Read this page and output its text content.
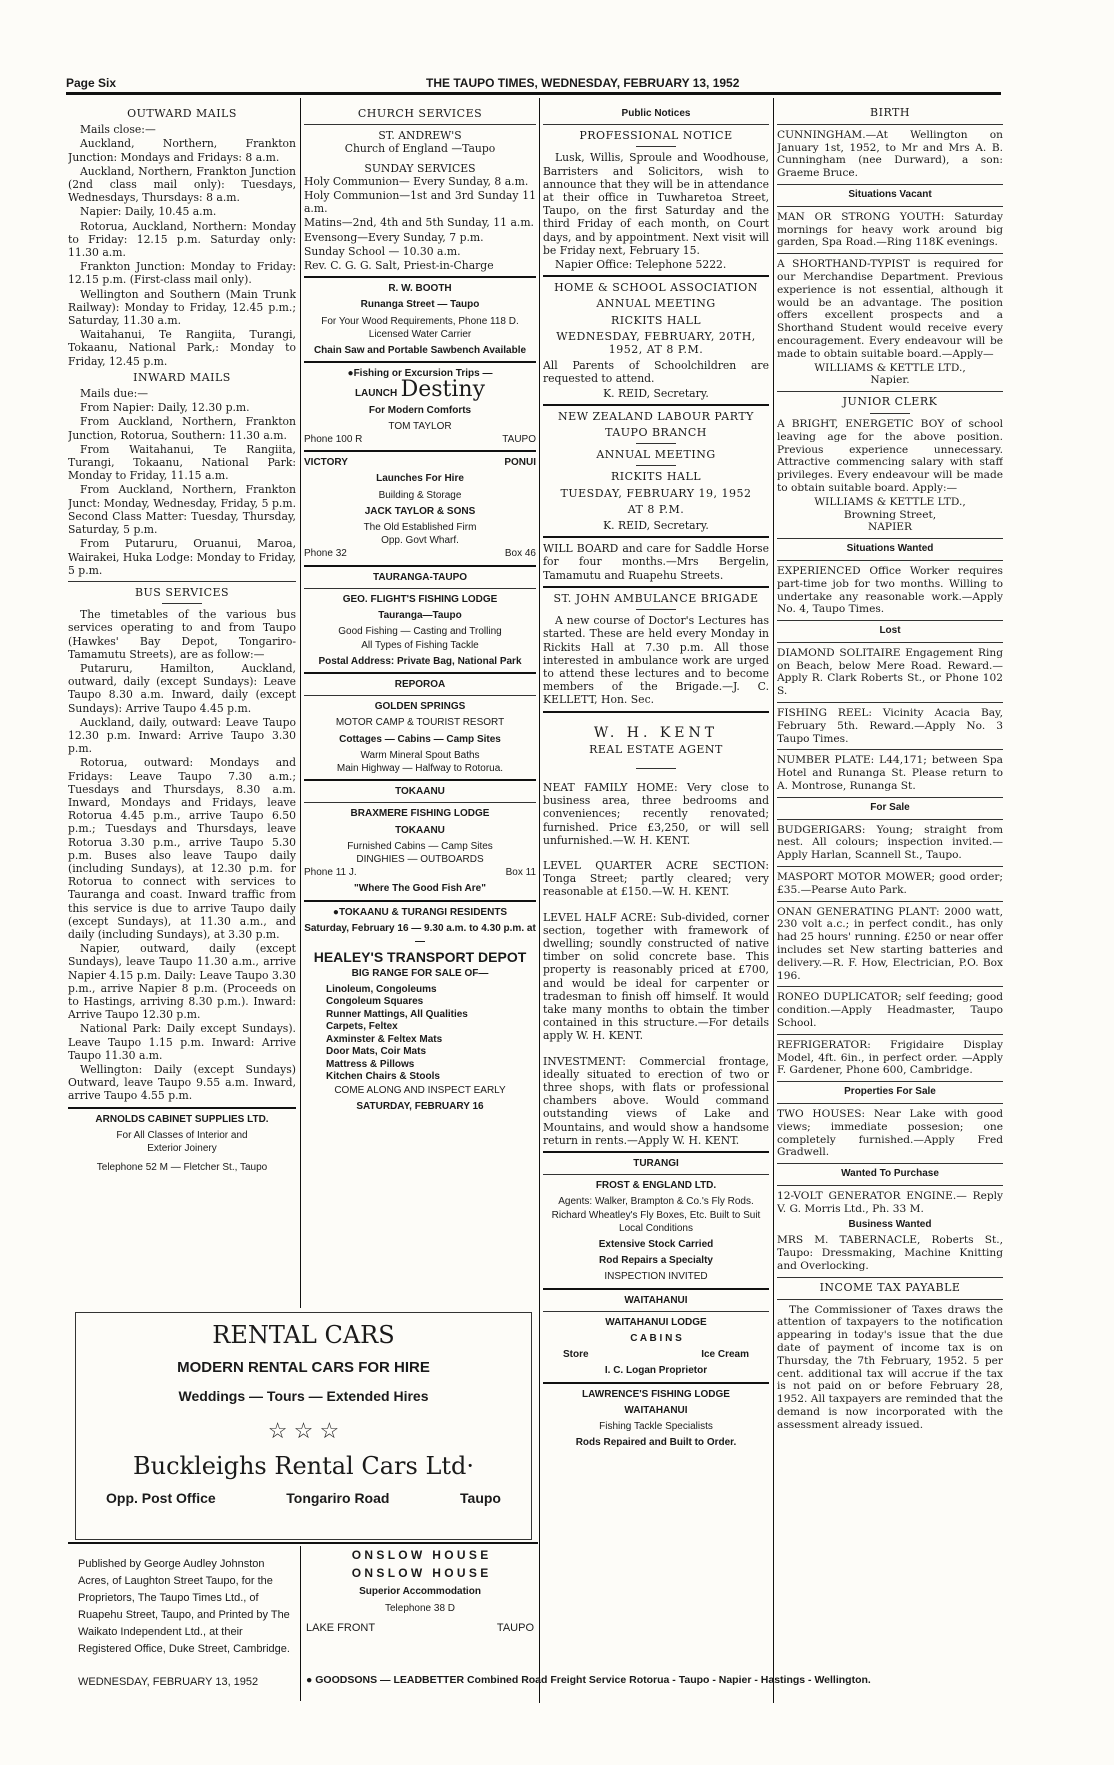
Page Six	THE TAUPO TIMES, WEDNESDAY, FEBRUARY 13, 1952
OUTWARD MAILS

Mails close:—

Auckland, Northern, Frankton Junction: Mondays and Fridays: 8 a.m.

Auckland, Northern, Frankton Junction (2nd class mail only): Tuesdays, Wednesdays, Thursdays: 8 a.m.

Napier: Daily, 10.45 a.m.

Rotorua, Auckland, Northern: Monday to Friday: 12.15 p.m. Saturday only: 11.30 a.m.

Frankton Junction: Monday to Friday: 12.15 p.m. (First-class mail only).

Wellington and Southern (Main Trunk Railway): Monday to Friday, 12.45 p.m.; Saturday, 11.30 a.m.

Waitahanui, Te Rangiita, Turangi, Tokaanu, National Park,: Monday to Friday, 12.45 p.m.

INWARD MAILS

Mails due:—

From Napier: Daily, 12.30 p.m.

From Auckland, Northern, Frankton Junction, Rotorua, Southern: 11.30 a.m.

From Waitahanui, Te Rangiita, Turangi, Tokaanu, National Park: Monday to Friday, 11.15 a.m.

From Auckland, Northern, Frankton Junct: Monday, Wednesday, Friday, 5 p.m. Second Class Matter: Tuesday, Thursday, Saturday, 5 p.m.

From Putaruru, Oruanui, Maroa, Wairakei, Huka Lodge: Monday to Friday, 5 p.m.

BUS SERVICES

The timetables of the various bus services operating to and from Taupo (Hawkes' Bay Depot, Tongariro-Tamamutu Streets), are as follow:—

Putaruru, Hamilton, Auckland, outward, daily (except Sundays): Leave Taupo 8.30 a.m. Inward, daily (except Sundays): Arrive Taupo 4.45 p.m.

Auckland, daily, outward: Leave Taupo 12.30 p.m. Inward: Arrive Taupo 3.30 p.m.

Rotorua, outward: Mondays and Fridays: Leave Taupo 7.30 a.m.; Tuesdays and Thursdays, 8.30 a.m. Inward, Mondays and Fridays, leave Rotorua 4.45 p.m., arrive Taupo 6.50 p.m.; Tuesdays and Thursdays, leave Rotorua 3.30 p.m., arrive Taupo 5.30 p.m. Buses also leave Taupo daily (including Sundays), at 12.30 p.m. for Rotorua to connect with services to Tauranga and coast. Inward traffic from this service is due to arrive Taupo daily (except Sundays), at 11.30 a.m., and daily (including Sundays), at 3.30 p.m.

Napier, outward, daily (except Sundays), leave Taupo 11.30 a.m., arrive Napier 4.15 p.m. Daily: Leave Taupo 3.30 p.m., arrive Napier 8 p.m. (Proceeds on to Hastings, arriving 8.30 p.m.). Inward: Arrive Taupo 12.30 p.m.

National Park: Daily except Sundays). Leave Taupo 1.15 p.m. Inward: Arrive Taupo 11.30 a.m.

Wellington: Daily (except Sundays) Outward, leave Taupo 9.55 a.m. Inward, arrive Taupo 4.55 p.m.

ARNOLDS CABINET SUPPLIES LTD.
For All Classes of Interior and
Exterior Joinery
Telephone 52 M — Fletcher St., Taupo
CHURCH SERVICES
ST. ANDREW'S
Church of England —Taupo
SUNDAY SERVICES

Holy Communion— Every Sunday, 8 a.m.

Holy Communion—1st and 3rd Sunday 11 a.m.

Matins—2nd, 4th and 5th Sunday, 11 a.m.

Evensong—Every Sunday, 7 p.m.

Sunday School — 10.30 a.m.

Rev. C. G. G. Salt, Priest-in-Charge

R. W. BOOTH
Runanga Street — Taupo
For Your Wood Requirements, Phone 118 D. Licensed Water Carrier
Chain Saw and Portable Sawbench Available
● Fishing or Excursion Trips —
LAUNCH Destiny
For Modern Comforts
TOM TAYLOR
Phone 100 R	TAUPO
VICTORY	PONUI
Launches For Hire
Building & Storage
JACK TAYLOR & SONS
The Old Established Firm
Opp. Govt Wharf.
Phone 32	Box 46
TAURANGA-TAUPO
GEO. FLIGHT'S FISHING LODGE
Tauranga—Taupo
Good Fishing — Casting and Trolling
All Types of Fishing Tackle
Postal Address: Private Bag, National Park
REPOROA
GOLDEN SPRINGS
MOTOR CAMP & TOURIST RESORT
Cottages — Cabins — Camp Sites
Warm Mineral Spout Baths
Main Highway — Halfway to Rotorua.
TOKAANU
BRAXMERE FISHING LODGE
TOKAANU
Furnished Cabins — Camp Sites
DINGHIES — OUTBOARDS
Phone 11 J.	Box 11
"Where The Good Fish Are"
● TOKAANU & TURANGI RESIDENTS
Saturday, February 16 — 9.30 a.m. to 4.30 p.m. at—
HEALEY'S TRANSPORT DEPOT
BIG RANGE FOR SALE OF—
Linoleum, Congoleums
Congoleum Squares
Runner Mattings, All Qualities
Carpets, Feltex
Axminster & Feltex Mats
Door Mats, Coir Mats
Mattress & Pillows
Kitchen Chairs & Stools
COME ALONG AND INSPECT EARLY
SATURDAY, FEBRUARY 16
Public Notices
PROFESSIONAL NOTICE

Lusk, Willis, Sproule and Woodhouse, Barristers and Solicitors, wish to announce that they will be in attendance at their office in Tuwharetoa Street, Taupo, on the first Saturday and the third Friday of each month, on Court days, and by appointment. Next visit will be Friday next, February 15.

Napier Office: Telephone 5222.

HOME & SCHOOL ASSOCIATION
ANNUAL MEETING
RICKITS HALL
WEDNESDAY, FEBRUARY, 20TH, 1952, AT 8 P.M.

All Parents of Schoolchildren are requested to attend.

K. REID, Secretary.
NEW ZEALAND LABOUR PARTY
TAUPO BRANCH
ANNUAL MEETING
RICKITS HALL
TUESDAY, FEBRUARY 19, 1952
AT 8 P.M.
K. REID, Secretary.

WILL BOARD and care for Saddle Horse for four months.—Mrs Bergelin, Tamamutu and Ruapehu Streets.

ST. JOHN AMBULANCE BRIGADE

A new course of Doctor's Lectures has started. These are held every Monday in Rickits Hall at 7.30 p.m. All those interested in ambulance work are urged to attend these lectures and to become members of the Brigade.—J. C. KELLETT, Hon. Sec.

W. H. KENT
REAL ESTATE AGENT

NEAT FAMILY HOME: Very close to business area, three bedrooms and conveniences; recently renovated; furnished. Price £3,250, or will sell unfurnished.—W. H. KENT.

LEVEL QUARTER ACRE SECTION: Tonga Street; partly cleared; very reasonable at £150.—W. H. KENT.

LEVEL HALF ACRE: Sub-divided, corner section, together with framework of dwelling; soundly constructed of native timber on solid concrete base. This property is reasonably priced at £700, and would be ideal for carpenter or tradesman to finish off himself. It would take many months to obtain the timber contained in this structure.—For details apply W. H. KENT.

INVESTMENT: Commercial frontage, ideally situated to erection of two or three shops, with flats or professional chambers above. Would command outstanding views of Lake and Mountains, and would show a handsome return in rents.—Apply W. H. KENT.

TURANGI
FROST & ENGLAND LTD.
Agents: Walker, Brampton & Co.'s Fly Rods. Richard Wheatley's Fly Boxes, Etc. Built to Suit Local Conditions
Extensive Stock Carried
Rod Repairs a Specialty
INSPECTION INVITED
WAITAHANUI
WAITAHANUI LODGE
C A B I N S
Store	Ice Cream
I. C. Logan Proprietor
LAWRENCE'S FISHING LODGE
WAITAHANUI
Fishing Tackle Specialists
Rods Repaired and Built to Order.
BIRTH

CUNNINGHAM.—At Wellington on January 1st, 1952, to Mr and Mrs A. B. Cunningham (nee Durward), a son: Graeme Bruce.

Situations Vacant

MAN OR STRONG YOUTH: Saturday mornings for heavy work around big garden, Spa Road.—Ring 118K evenings.

A SHORTHAND-TYPIST is required for our Merchandise Department. Previous experience is not essential, although it would be an advantage. The position offers excellent prospects and a Shorthand Student would receive every encouragement. Every endeavour will be made to obtain suitable board.—Apply—

WILLIAMS & KETTLE LTD.,
Napier.
JUNIOR CLERK

A BRIGHT, ENERGETIC BOY of school leaving age for the above position. Previous experience unnecessary. Attractive commencing salary with staff privileges. Every endeavour will be made to obtain suitable board. Apply:—

WILLIAMS & KETTLE LTD.,
Browning Street,
NAPIER
Situations Wanted

EXPERIENCED Office Worker requires part-time job for two months. Willing to undertake any reasonable work.—Apply No. 4, Taupo Times.

Lost

DIAMOND SOLITAIRE Engagement Ring on Beach, below Mere Road. Reward.—Apply R. Clark Roberts St., or Phone 102 S.

FISHING REEL: Vicinity Acacia Bay, February 5th. Reward.—Apply No. 3 Taupo Times.

NUMBER PLATE: L44,171; between Spa Hotel and Runanga St. Please return to A. Montrose, Runanga St.

For Sale

BUDGERIGARS: Young; straight from nest. All colours; inspection invited.—Apply Harlan, Scannell St., Taupo.

MASPORT MOTOR MOWER; good order; £35.—Pearse Auto Park.

ONAN GENERATING PLANT: 2000 watt, 230 volt a.c.; in perfect condit., has only had 25 hours' running. £250 or near offer includes set New starting batteries and delivery.—R. F. How, Electrician, P.O. Box 196.

RONEO DUPLICATOR; self feeding; good condition.—Apply Headmaster, Taupo School.

REFRIGERATOR: Frigidaire Display Model, 4ft. 6in., in perfect order. —Apply F. Gardener, Phone 600, Cambridge.

Properties For Sale

TWO HOUSES: Near Lake with good views; immediate possesion; one completely furnished.—Apply Fred Gradwell.

Wanted To Purchase

12-VOLT GENERATOR ENGINE.— Reply V. G. Morris Ltd., Ph. 33 M.

Business Wanted

MRS M. TABERNACLE, Roberts St., Taupo: Dressmaking, Machine Knitting and Overlocking.

INCOME TAX PAYABLE

The Commissioner of Taxes draws the attention of taxpayers to the notification appearing in today's issue that the due date of payment of income tax is on Thursday, the 7th February, 1952. 5 per cent. additional tax will accrue if the tax is not paid on or before February 28, 1952. All taxpayers are reminded that the demand is now incorporated with the assessment already issued.

RENTAL CARS
MODERN RENTAL CARS FOR HIRE
Weddings — Tours — Extended Hires
☆ ☆ ☆
Buckleighs Rental Cars Ltd·
Opp. Post Office	Tongariro Road	Taupo
Published by George Audley Johnston Acres, of Laughton Street Taupo, for the Proprietors, The Taupo Times Ltd., of Ruapehu Street, Taupo, and Printed by The Waikato Independent Ltd., at their Registered Office, Duke Street, Cambridge.
O N S L O W   H O U S E
O N S L O W   H O U S E
Superior Accommodation
Telephone 38 D
LAKE FRONT	TAUPO
WEDNESDAY, FEBRUARY 13, 1952	● GOODSONS — LEADBETTER Combined Road Freight Service Rotorua - Taupo - Napier - Hastings - Wellington.
